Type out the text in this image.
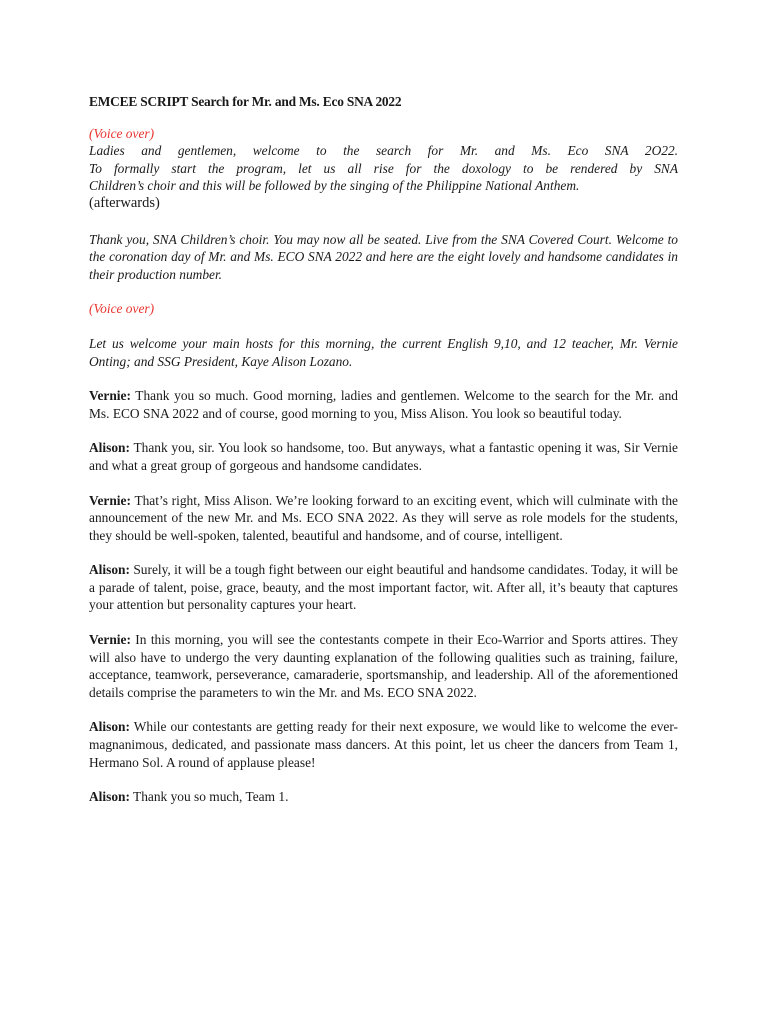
EMCEE SCRIPT Search for Mr. and Ms. Eco SNA 2022

(Voice over)

Ladies and gentlemen, welcome to the search for Mr. and Ms. Eco SNA 2O22.

To formally start the program, let us all rise for the doxology to be rendered by SNA

Children’s choir and this will be followed by the singing of the Philippine National Anthem.

(afterwards)

Thank you, SNA Children’s choir. You may now all be seated. Live from the SNA Covered Court. Welcome to the coronation day of Mr. and Ms. ECO SNA 2022 and here are the eight lovely and handsome candidates in their production number.

(Voice over)

Let us welcome your main hosts for this morning, the current English 9,10, and 12 teacher, Mr. Vernie Onting; and SSG President, Kaye Alison Lozano.

Vernie: Thank you so much. Good morning, ladies and gentlemen. Welcome to the search for the Mr. and Ms. ECO SNA 2022 and of course, good morning to you, Miss Alison. You look so beautiful today.

Alison: Thank you, sir. You look so handsome, too. But anyways, what a fantastic opening it was, Sir Vernie and what a great group of gorgeous and handsome candidates.

Vernie: That’s right, Miss Alison. We’re looking forward to an exciting event, which will culminate with the announcement of the new Mr. and Ms. ECO SNA 2022. As they will serve as role models for the students, they should be well-spoken, talented, beautiful and handsome, and of course, intelligent.

Alison: Surely, it will be a tough fight between our eight beautiful and handsome candidates. Today, it will be a parade of talent, poise, grace, beauty, and the most important factor, wit. After all, it’s beauty that captures your attention but personality captures your heart.

Vernie: In this morning, you will see the contestants compete in their Eco-Warrior and Sports attires. They will also have to undergo the very daunting explanation of the following qualities such as training, failure, acceptance, teamwork, perseverance, camaraderie, sportsmanship, and leadership. All of the aforementioned details comprise the parameters to win the Mr. and Ms. ECO SNA 2022.

Alison: While our contestants are getting ready for their next exposure, we would like to welcome the ever-magnanimous, dedicated, and passionate mass dancers. At this point, let us cheer the dancers from Team 1, Hermano Sol. A round of applause please!

Alison: Thank you so much, Team 1.
